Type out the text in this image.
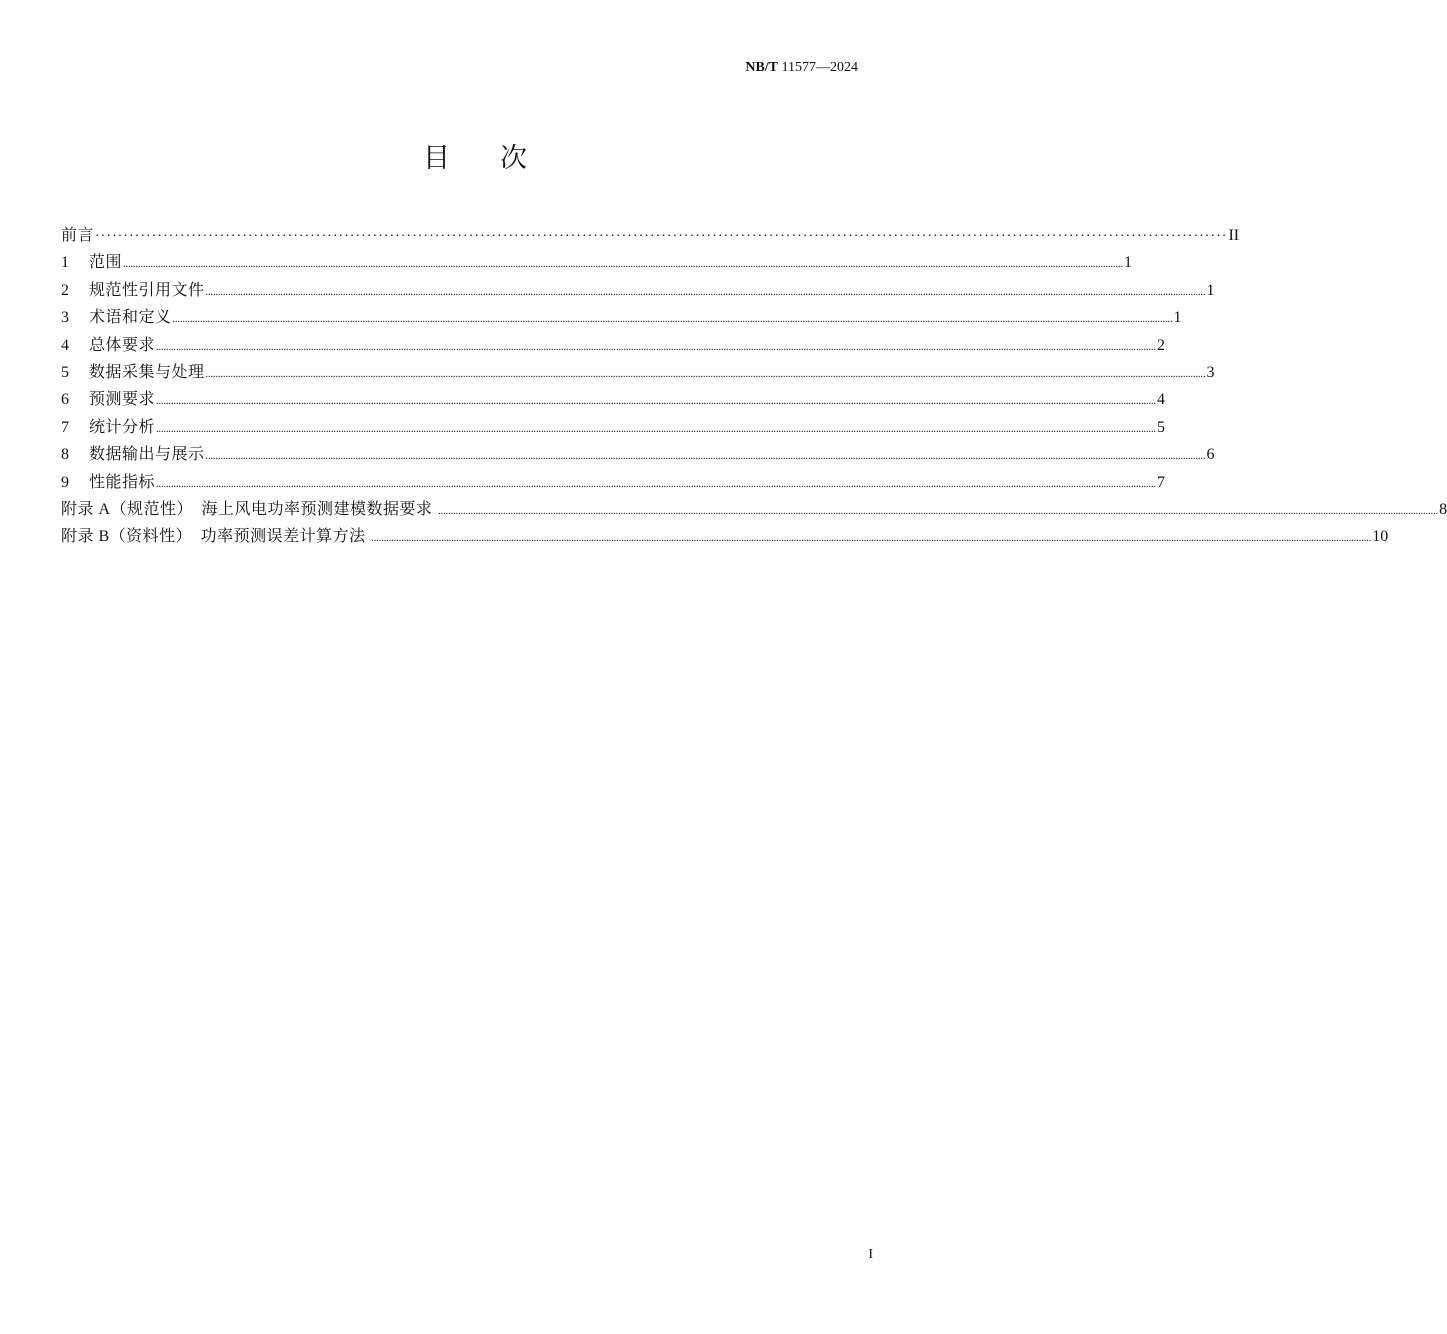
NB/T 11577—2024
目次
前言 ········································································································································································································ II
1	范围 ................................................................................................................................................................................................................................................................................................................................................................................................................ 1
2	规范性引用文件 ................................................................................................................................................................................................................................................................................................................................................................................................................ 1
3	术语和定义 ................................................................................................................................................................................................................................................................................................................................................................................................................ 1
4	总体要求 ................................................................................................................................................................................................................................................................................................................................................................................................................ 2
5	数据采集与处理 ................................................................................................................................................................................................................................................................................................................................................................................................................ 3
6	预测要求 ................................................................................................................................................................................................................................................................................................................................................................................................................ 4
7	统计分析 ................................................................................................................................................................................................................................................................................................................................................................................................................ 5
8	数据输出与展示 ................................................................................................................................................................................................................................................................................................................................................................................................................ 6
9	性能指标 ................................................................................................................................................................................................................................................................................................................................................................................................................ 7
附录 A（规范性）　海上风电功率预测建模数据要求 ................................................................................................................................................................................................................................................................................................................................................................................................................ 8
附录 B（资料性）　功率预测误差计算方法 ................................................................................................................................................................................................................................................................................................................................................................................................................ 10
I
